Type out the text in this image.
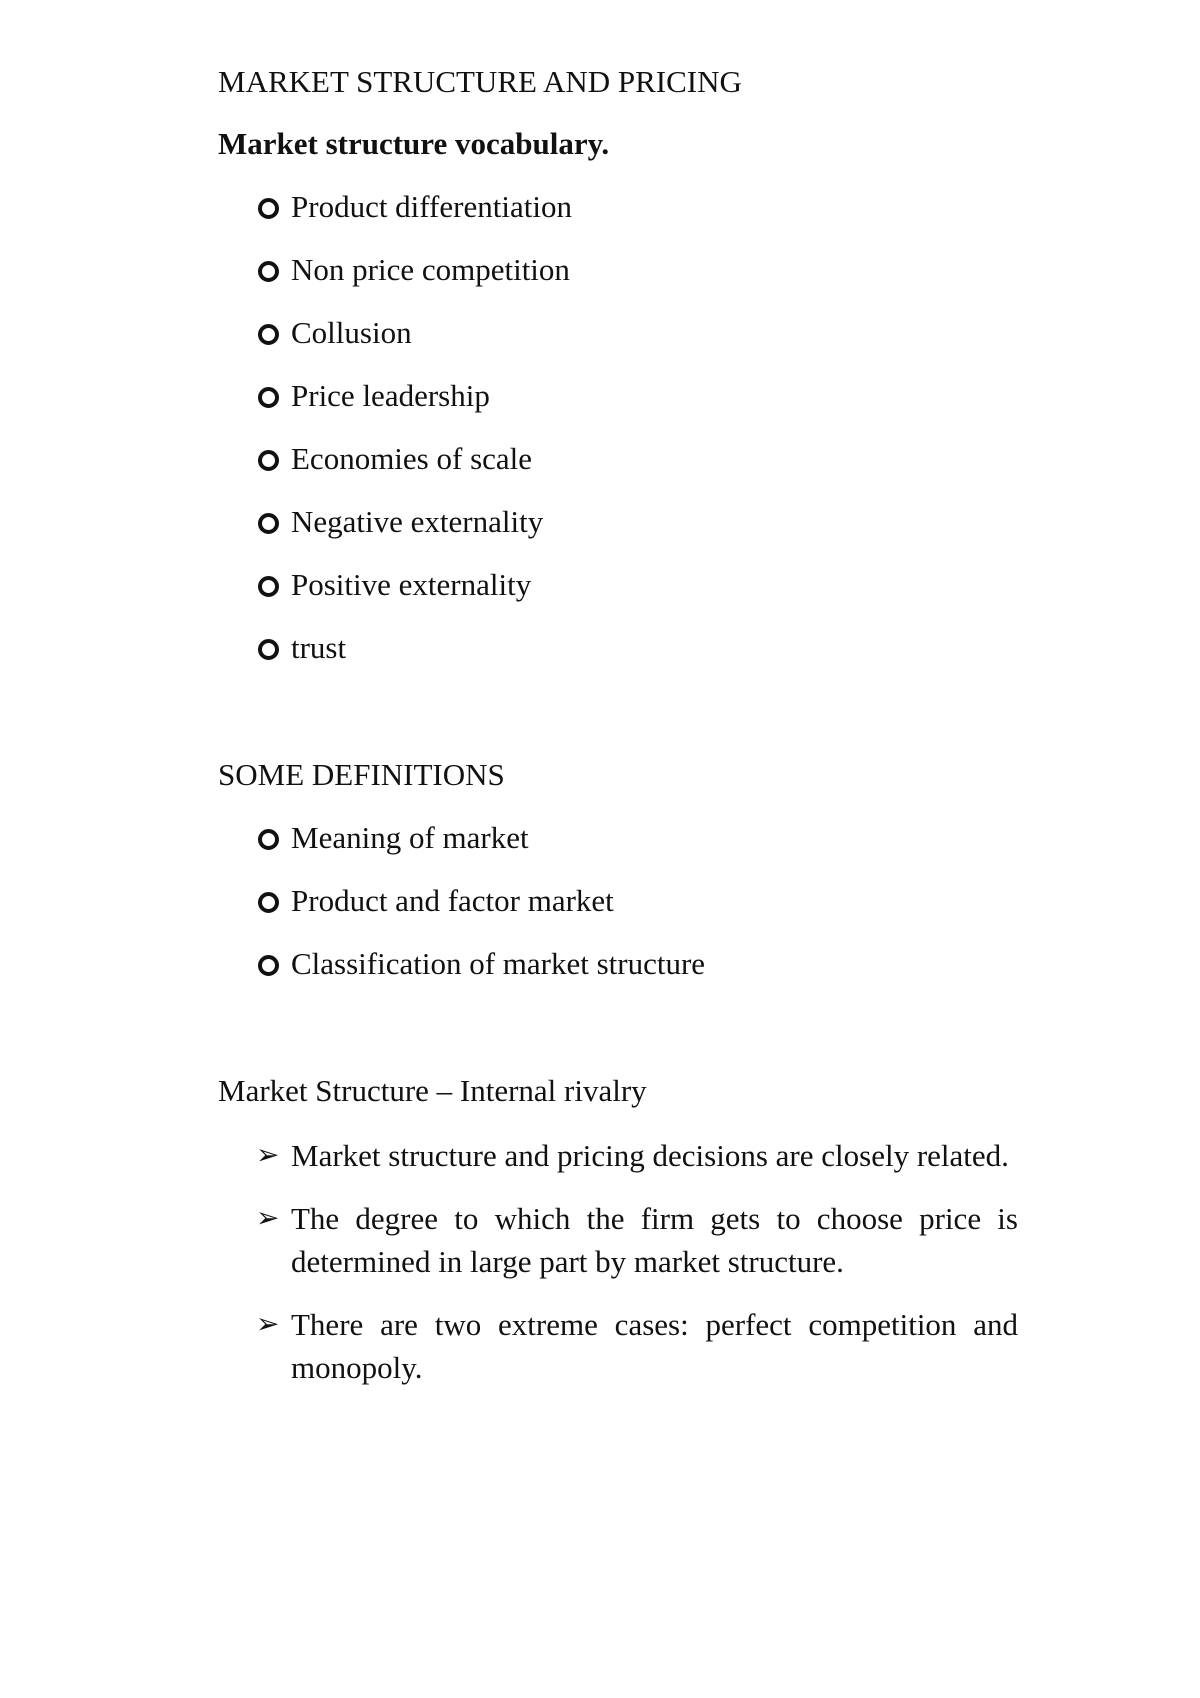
MARKET STRUCTURE AND PRICING
Market structure vocabulary.
Product differentiation
Non price competition
Collusion
Price leadership
Economies of scale
Negative externality
Positive externality
trust
SOME DEFINITIONS
Meaning of market
Product and factor market
Classification of market structure
Market Structure – Internal rivalry
➢ Market structure and pricing decisions are closely related.
➢ The degree to which the firm gets to choose price is determined in large part by market structure.
➢ There are two extreme cases: perfect competition and monopoly.
